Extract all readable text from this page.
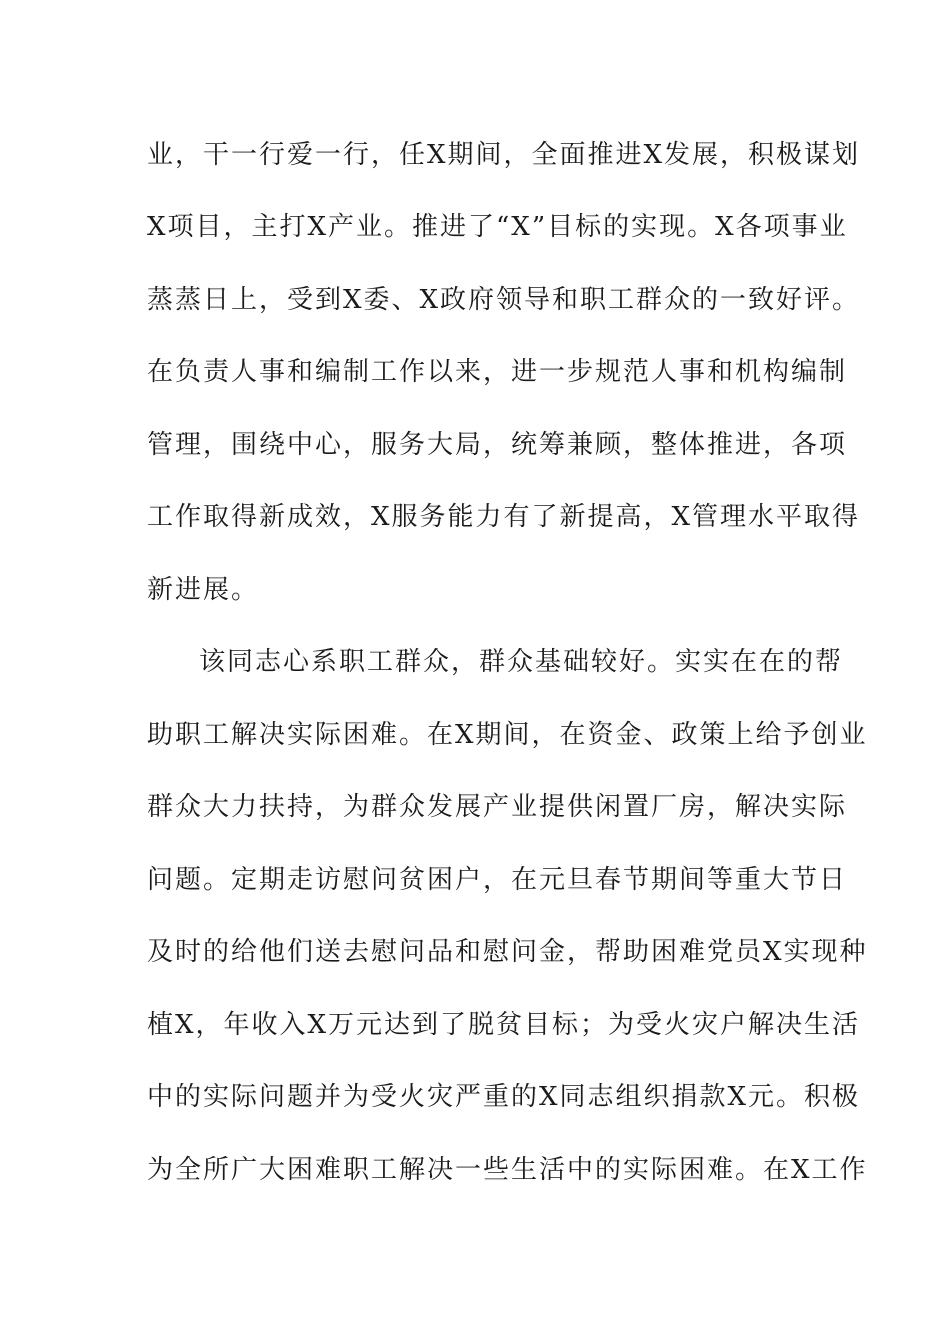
业，干一行爱一行，任X期间，全面推进X发展，积极谋划
X项目，主打X产业。推进了“X”目标的实现。X各项事业
蒸蒸日上，受到X委、X政府领导和职工群众的一致好评。
在负责人事和编制工作以来，进一步规范人事和机构编制
管理，围绕中心，服务大局，统筹兼顾，整体推进，各项
工作取得新成效，X服务能力有了新提高，X管理水平取得
新进展。
该同志心系职工群众，群众基础较好。实实在在的帮
助职工解决实际困难。在X期间，在资金、政策上给予创业
群众大力扶持，为群众发展产业提供闲置厂房，解决实际
问题。定期走访慰问贫困户，在元旦春节期间等重大节日
及时的给他们送去慰问品和慰问金，帮助困难党员X实现种
植X，年收入X万元达到了脱贫目标；为受火灾户解决生活
中的实际问题并为受火灾严重的X同志组织捐款X元。积极
为全所广大困难职工解决一些生活中的实际困难。在X工作
